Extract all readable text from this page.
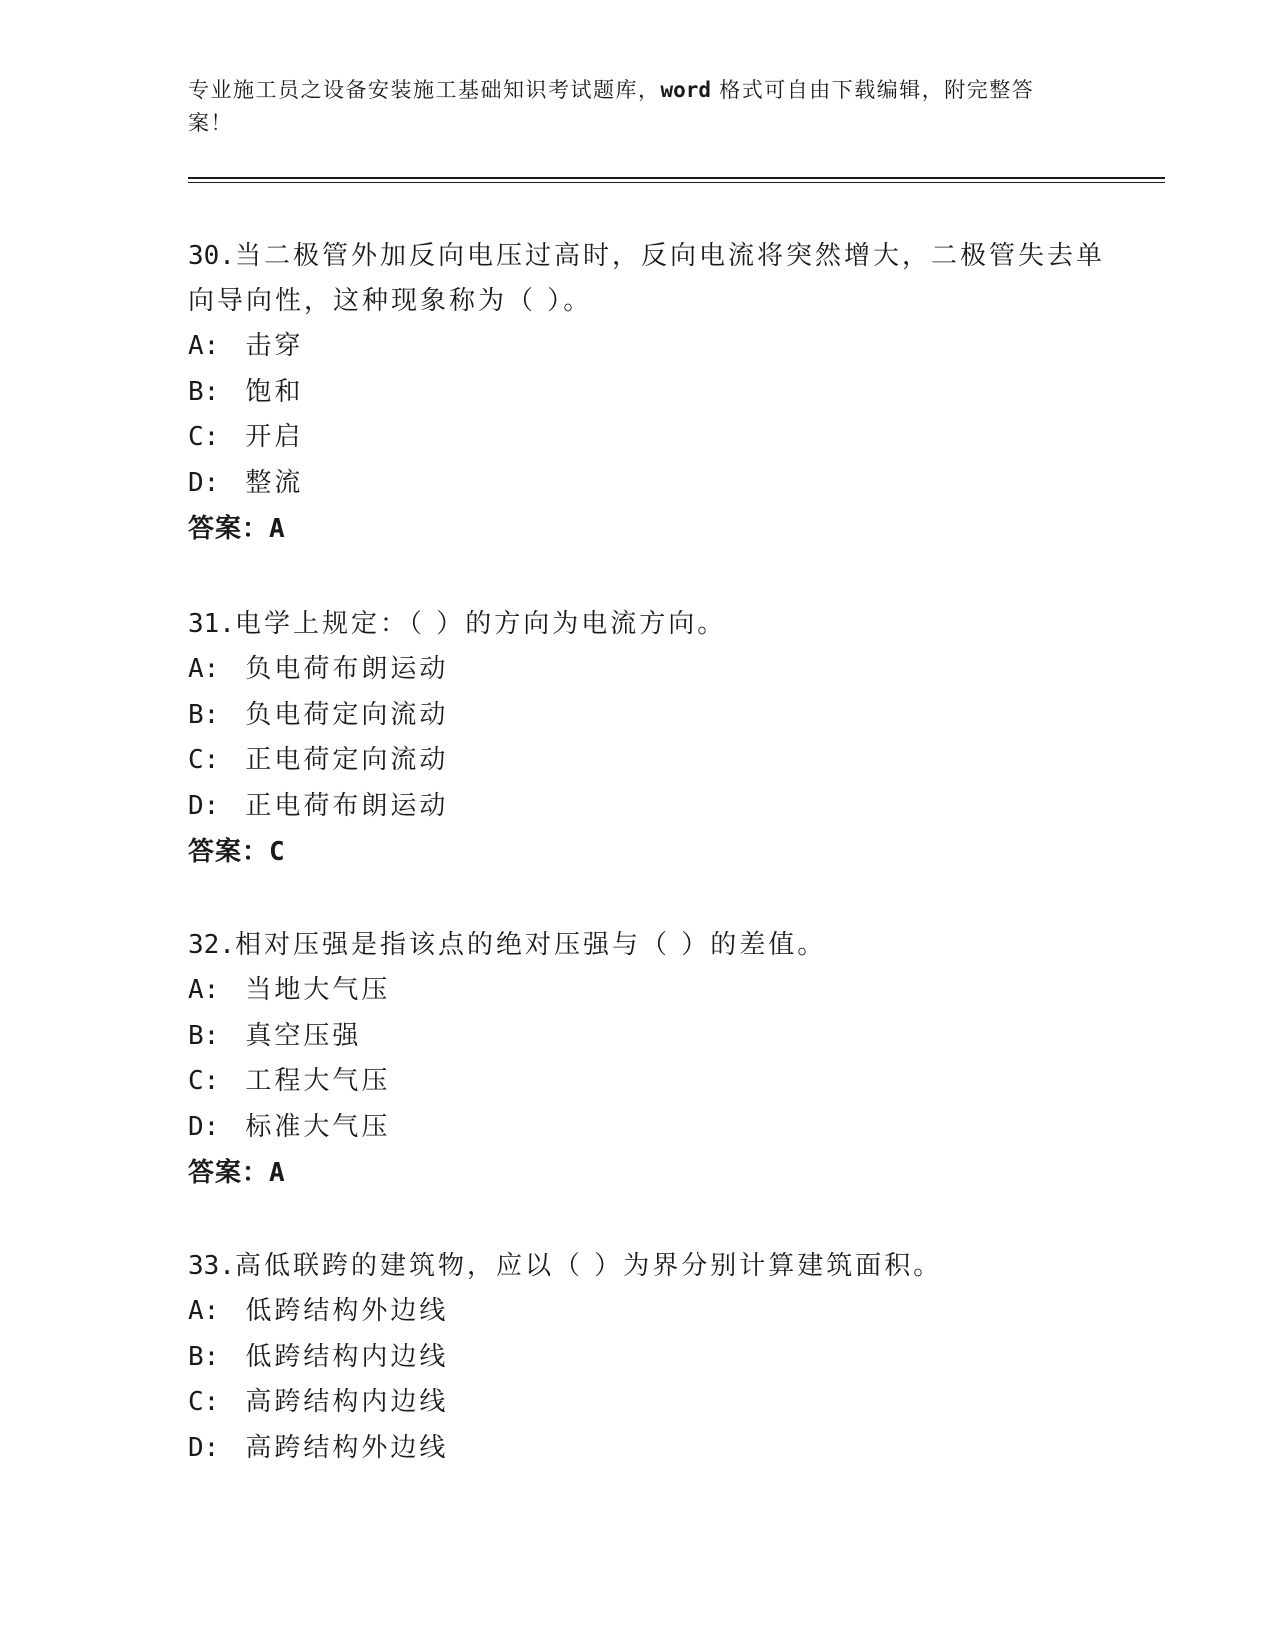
专业施工员之设备安装施工基础知识考试题库，word 格式可自由下载编辑，附完整答案！

30.当二极管外加反向电压过高时，反向电流将突然增大，二极管失去单向导向性，这种现象称为（ ）。

A: 击穿
B: 饱和
C: 开启
D: 整流
答案：A

31.电学上规定：（ ）的方向为电流方向。

A: 负电荷布朗运动
B: 负电荷定向流动
C: 正电荷定向流动
D: 正电荷布朗运动
答案：C

32.相对压强是指该点的绝对压强与（ ）的差值。

A: 当地大气压
B: 真空压强
C: 工程大气压
D: 标准大气压
答案：A

33.高低联跨的建筑物，应以（ ）为界分别计算建筑面积。

A: 低跨结构外边线
B: 低跨结构内边线
C: 高跨结构内边线
D: 高跨结构外边线
